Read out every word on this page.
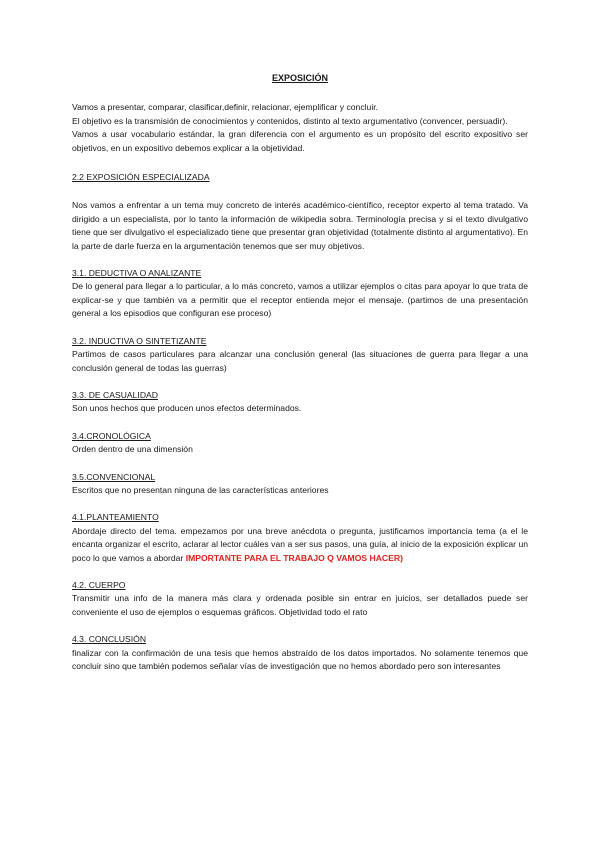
EXPOSICIÓN

Vamos a presentar, comparar, clasificar,definir, relacionar, ejemplificar y concluir.

El objetivo es la transmisión de conocimientos y contenidos, distinto al texto argumentativo (convencer, persuadir).

Vamos a usar vocabulario estándar, la gran diferencia con el argumento es un propósito del escrito expositivo ser objetivos, en un expositivo debemos explicar a la objetividad.

2.2 EXPOSICIÓN ESPECIALIZADA

Nos vamos a enfrentar a un tema muy concreto de interés académico-científico, receptor experto al tema tratado. Va dirigido a un especialista, por lo tanto la información de wikipedia sobra. Terminología precisa y si el texto divulgativo tiene que ser divulgativo el especializado tiene que presentar gran objetividad (totalmente distinto al argumentativo). En la parte de darle fuerza en la argumentación tenemos que ser muy objetivos.

3.1. DEDUCTIVA O ANALIZANTE

De lo general para llegar a lo particular, a lo más concreto, vamos a utilizar ejemplos o citas para apoyar lo que trata de explicar-se y que también va a permitir que el receptor entienda mejor el mensaje. (partimos de una presentación general a los episodios que configuran ese proceso)

3.2. INDUCTIVA O SINTETIZANTE

Partimos de casos particulares para alcanzar una conclusión general (las situaciones de guerra para llegar a una conclusión general de todas las guerras)

3.3. DE CASUALIDAD

Son unos hechos que producen unos efectos determinados.

3.4.CRONOLÓGICA

Orden dentro de una dimensión

3.5.CONVENCIONAL

Escritos que no presentan ninguna de las características anteriores

4.1.PLANTEAMIENTO

Abordaje directo del tema. empezamos por una breve anécdota o pregunta, justificamos importancia tema (a el le encanta organizar el escrito, aclarar al lector cuáles van a ser sus pasos, una guía, al inicio de la exposición explicar un poco lo que vamos a abordar IMPORTANTE PARA EL TRABAJO Q VAMOS HACER)

4.2. CUERPO

Transmitir una info de la manera más clara y ordenada posible sin entrar en juicios, ser detallados puede ser conveniente el uso de ejemplos o esquemas gráficos. Objetividad todo el rato

4.3. CONCLUSIÓN

finalizar con la confirmación de una tesis que hemos abstraído de los datos importados. No solamente tenemos que concluir sino que también podemos señalar vías de investigación que no hemos abordado pero son interesantes
